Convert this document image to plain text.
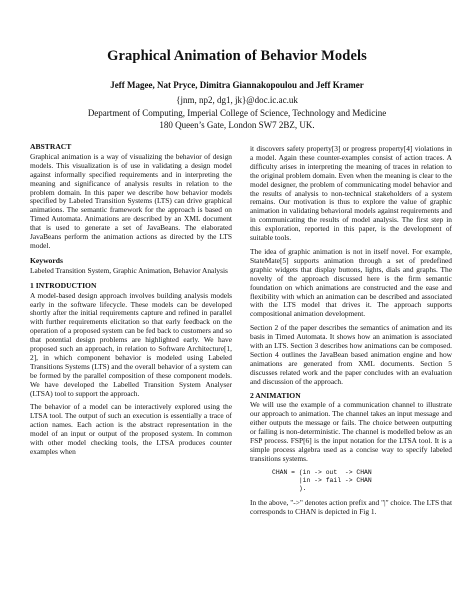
Graphical Animation of Behavior Models
Jeff Magee, Nat Pryce, Dimitra Giannakopoulou and Jeff Kramer
{jnm, np2, dg1, jk}@doc.ic.ac.uk
Department of Computing, Imperial College of Science, Technology and Medicine
180 Queen’s Gate, London SW7 2BZ, UK.
ABSTRACT

Graphical animation is a way of visualizing the behavior of design models. This visualization is of use in validating a design model against informally specified requirements and in interpreting the meaning and significance of analysis results in relation to the problem domain. In this paper we describe how behavior models specified by Labeled Transition Systems (LTS) can drive graphical animations. The semantic framework for the approach is based on Timed Automata. Animations are described by an XML document that is used to generate a set of JavaBeans. The elaborated JavaBeans perform the animation actions as directed by the LTS model.

Keywords

Labeled Transition System, Graphic Animation, Behavior Analysis

1 INTRODUCTION

A model-based design approach involves building analysis models early in the software lifecycle. These models can be developed shortly after the initial requirements capture and refined in parallel with further requirements elicitation so that early feedback on the operation of a proposed system can be fed back to customers and so that potential design problems are highlighted early. We have proposed such an approach, in relation to Software Architecture[1, 2], in which component behavior is modeled using Labeled Transitions Systems (LTS) and the overall behavior of a system can be formed by the parallel composition of these component models. We have developed the Labelled Transition System Analyser (LTSA) tool to support the approach.

The behavior of a model can be interactively explored using the LTSA tool. The output of such an execution is essentially a trace of action names. Each action is the abstract representation in the model of an input or output of the proposed system. In common with other model checking tools, the LTSA produces counter examples when

it discovers safety property[3] or progress property[4] violations in a model. Again these counter-examples consist of action traces. A difficulty arises in interpreting the meaning of traces in relation to the original problem domain. Even when the meaning is clear to the model designer, the problem of communicating model behavior and the results of analysis to non-technical stakeholders of a system remains. Our motivation is thus to explore the value of graphic animation in validating behavioral models against requirements and in communicating the results of model analysis. The first step in this exploration, reported in this paper, is the development of suitable tools.

The idea of graphic animation is not in itself novel. For example, StateMate[5] supports animation through a set of predefined graphic widgets that display buttons, lights, dials and graphs. The novelty of the approach discussed here is the firm semantic foundation on which animations are constructed and the ease and flexibility with which an animation can be described and associated with the LTS model that drives it. The approach supports compositional animation development.

Section 2 of the paper describes the semantics of animation and its basis in Timed Automata. It shows how an animation is associated with an LTS. Section 3 describes how animations can be composed. Section 4 outlines the JavaBean based animation engine and how animations are generated from XML documents. Section 5 discusses related work and the paper concludes with an evaluation and discussion of the approach.

2 ANIMATION

We will use the example of a communication channel to illustrate our approach to animation. The channel takes an input message and either outputs the message or fails. The choice between outputting or failing is non-deterministic. The channel is modelled below as an FSP process. FSP[6] is the input notation for the LTSA tool. It is a simple process algebra used as a concise way to specify labeled transitions systems.

CHAN = (in -> out  -> CHAN
|in -> fail -> CHAN
).

In the above, "->" denotes action prefix and "|" choice. The LTS that corresponds to CHAN is depicted in Fig 1.
